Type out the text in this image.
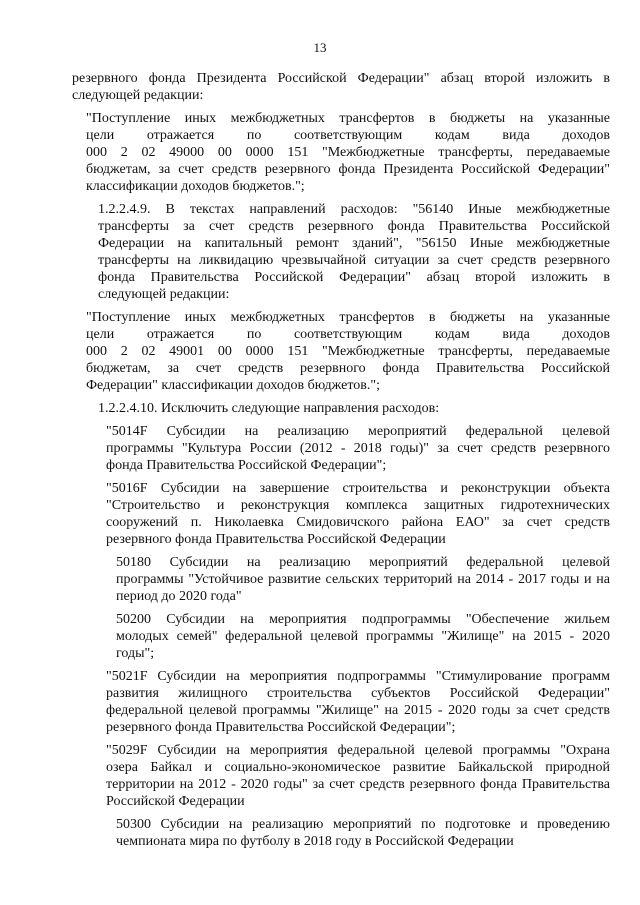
13
резервного фонда Президента Российской Федерации" абзац второй изложить в
следующей редакции:
"Поступление иных межбюджетных трансфертов в бюджеты на указанные
цели отражается по соответствующим кодам вида доходов
000 2 02 49000 00 0000 151 "Межбюджетные трансферты, передаваемые
бюджетам, за счет средств резервного фонда Президента Российской Федерации"
классификации доходов бюджетов.";
1.2.2.4.9. В текстах направлений расходов: "56140 Иные межбюджетные
трансферты за счет средств резервного фонда Правительства Российской
Федерации на капитальный ремонт зданий", "56150 Иные межбюджетные
трансферты на ликвидацию чрезвычайной ситуации за счет средств резервного
фонда Правительства Российской Федерации" абзац второй изложить в
следующей редакции:
"Поступление иных межбюджетных трансфертов в бюджеты на указанные
цели отражается по соответствующим кодам вида доходов
000 2 02 49001 00 0000 151 "Межбюджетные трансферты, передаваемые
бюджетам, за счет средств резервного фонда Правительства Российской
Федерации" классификации доходов бюджетов.";
1.2.2.4.10. Исключить следующие направления расходов:
"5014F Субсидии на реализацию мероприятий федеральной целевой
программы "Культура России (2012 - 2018 годы)" за счет средств резервного
фонда Правительства Российской Федерации";
"5016F Субсидии на завершение строительства и реконструкции объекта
"Строительство и реконструкция комплекса защитных гидротехнических
сооружений п. Николаевка Смидовичского района ЕАО" за счет средств
резервного фонда Правительства Российской Федерации
50180 Субсидии на реализацию мероприятий федеральной целевой
программы "Устойчивое развитие сельских территорий на 2014 - 2017 годы и на
период до 2020 года"
50200 Субсидии на мероприятия подпрограммы "Обеспечение жильем
молодых семей" федеральной целевой программы "Жилище" на 2015 - 2020
годы";
"5021F Субсидии на мероприятия подпрограммы "Стимулирование программ
развития жилищного строительства субъектов Российской Федерации"
федеральной целевой программы "Жилище" на 2015 - 2020 годы за счет средств
резервного фонда Правительства Российской Федерации";
"5029F Субсидии на мероприятия федеральной целевой программы "Охрана
озера Байкал и социально-экономическое развитие Байкальской природной
территории на 2012 - 2020 годы" за счет средств резервного фонда Правительства
Российской Федерации
50300 Субсидии на реализацию мероприятий по подготовке и проведению
чемпионата мира по футболу в 2018 году в Российской Федерации
